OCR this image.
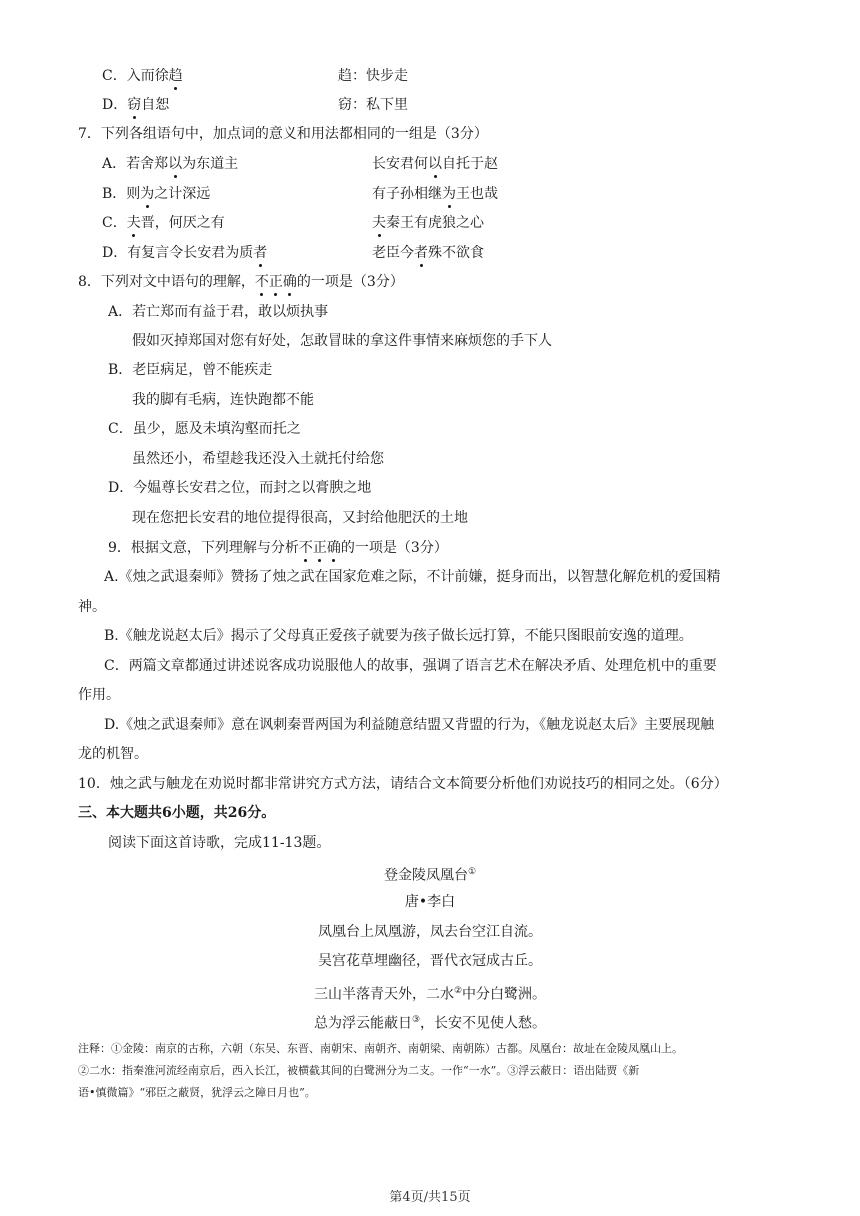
C．入而徐趋	趋：快步走
D．窃自恕	窃：私下里
7．下列各组语句中，加点词的意义和用法都相同的一组是（3分）
A．若舍郑以为东道主	长安君何以自托于赵
B．则为之计深远	有子孙相继为王也哉
C．夫晋，何厌之有	夫秦王有虎狼之心
D．有复言令长安君为质者	老臣今者殊不欲食
8．下列对文中语句的理解，不正确的一项是（3分）
A．若亡郑而有益于君，敢以烦执事
假如灭掉郑国对您有好处，怎敢冒昧的拿这件事情来麻烦您的手下人
B．老臣病足，曾不能疾走
我的脚有毛病，连快跑都不能
C．虽少，愿及未填沟壑而托之
虽然还小，希望趁我还没入土就托付给您
D．今媪尊长安君之位，而封之以膏腴之地
现在您把长安君的地位提得很高，又封给他肥沃的土地
9．根据文意，下列理解与分析不正确的一项是（3分）
A.《烛之武退秦师》赞扬了烛之武在国家危难之际，不计前嫌，挺身而出，以智慧化解危机的爱国精
神。
B.《触龙说赵太后》揭示了父母真正爱孩子就要为孩子做长远打算，不能只图眼前安逸的道理。
C．两篇文章都通过讲述说客成功说服他人的故事，强调了语言艺术在解决矛盾、处理危机中的重要
作用。
D.《烛之武退秦师》意在讽刺秦晋两国为利益随意结盟又背盟的行为，《触龙说赵太后》主要展现触
龙的机智。
10．烛之武与触龙在劝说时都非常讲究方式方法，请结合文本简要分析他们劝说技巧的相同之处。（6分）
三、本大题共6小题，共26分。
阅读下面这首诗歌，完成11-13题。
登金陵凤凰台①
唐•李白
凤凰台上凤凰游，凤去台空江自流。
吴宫花草埋幽径，晋代衣冠成古丘。
三山半落青天外，二水②中分白鹭洲。
总为浮云能蔽日③，长安不见使人愁。
注释：①金陵：南京的古称，六朝（东吴、东晋、南朝宋、南朝齐、南朝梁、南朝陈）古都。凤凰台：故址在金陵凤凰山上。
②二水：指秦淮河流经南京后，西入长江，被横截其间的白鹭洲分为二支。一作“一水”。③浮云蔽日：语出陆贾《新
语•慎微篇》“邪臣之蔽贤，犹浮云之障日月也”。
第4页/共15页
